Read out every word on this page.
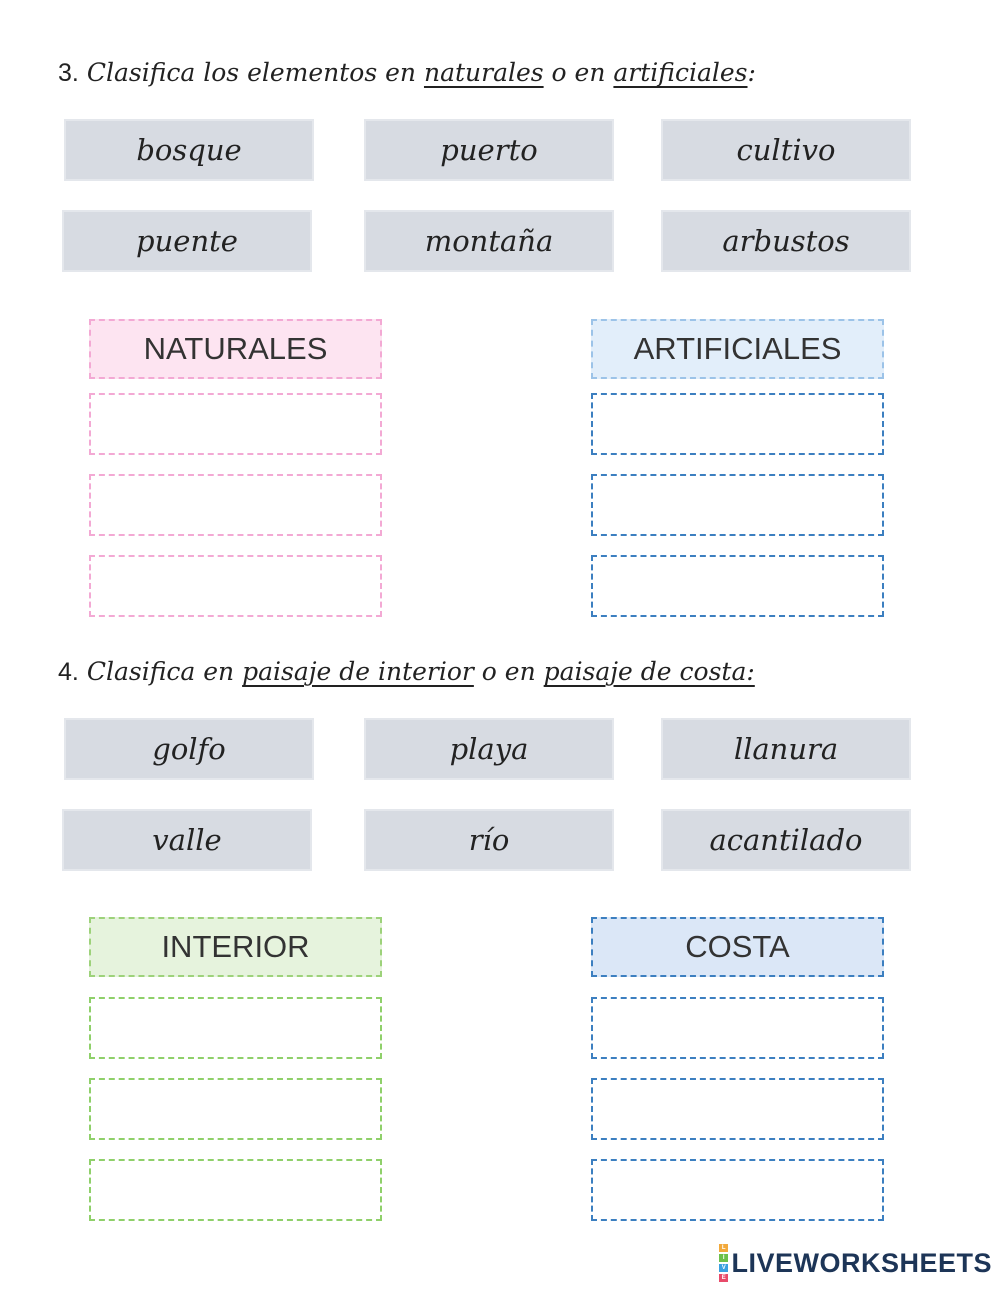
3. Clasifica los elementos en naturales o en artificiales:
bosque	puerto	cultivo
puente	montaña	arbustos
NATURALES	ARTIFICIALES
4. Clasifica en paisaje de interior o en paisaje de costa:
golfo	playa	llanura
valle	río	acantilado
INTERIOR	COSTA
L
I
V
E
LIVEWORKSHEETS
